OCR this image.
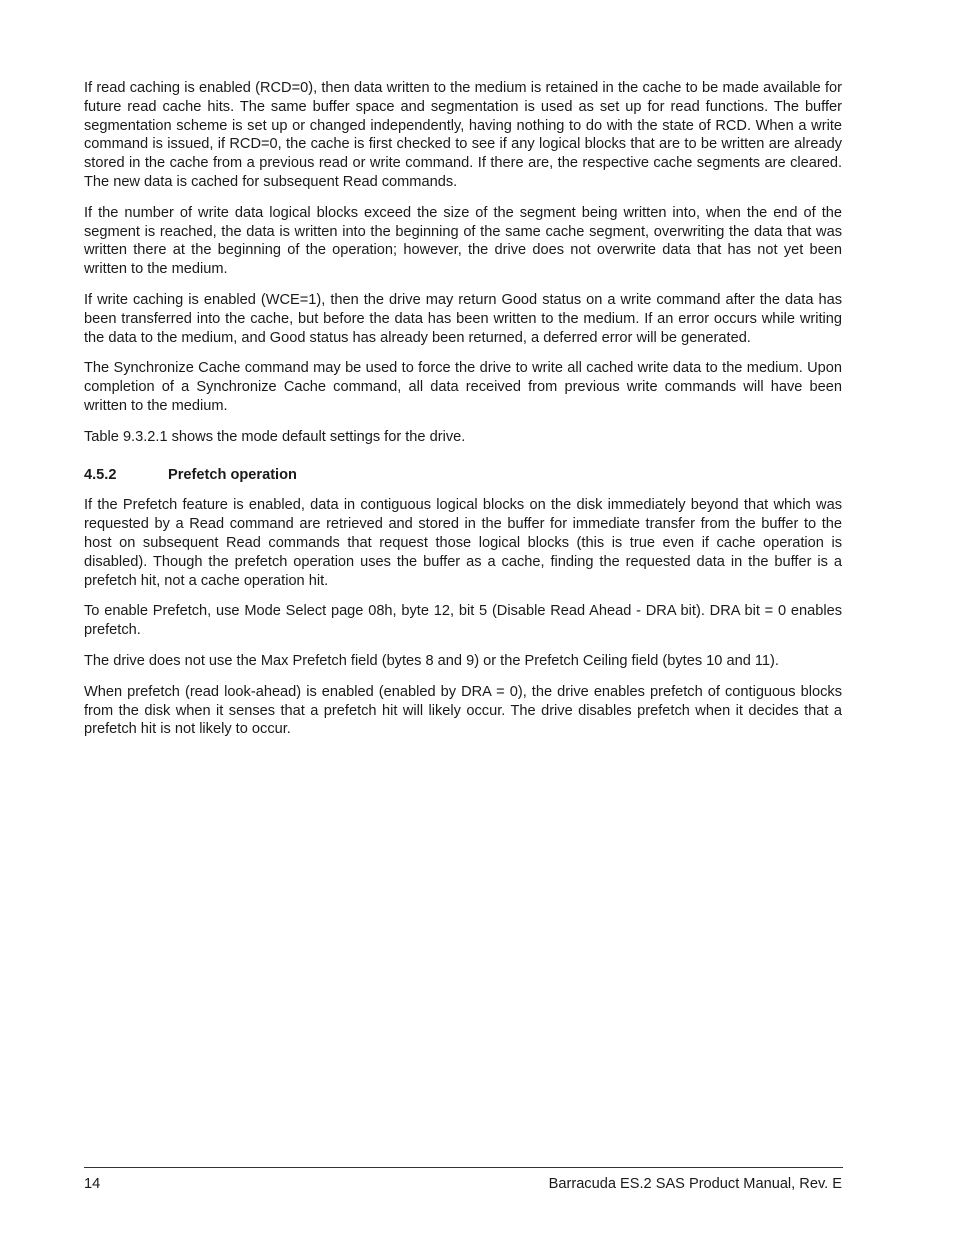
If read caching is enabled (RCD=0), then data written to the medium is retained in the cache to be made available for future read cache hits. The same buffer space and segmentation is used as set up for read functions. The buffer segmentation scheme is set up or changed independently, having nothing to do with the state of RCD. When a write command is issued, if RCD=0, the cache is first checked to see if any logical blocks that are to be written are already stored in the cache from a previous read or write command. If there are, the respective cache segments are cleared. The new data is cached for subsequent Read commands.

If the number of write data logical blocks exceed the size of the segment being written into, when the end of the segment is reached, the data is written into the beginning of the same cache segment, overwriting the data that was written there at the beginning of the operation; however, the drive does not overwrite data that has not yet been written to the medium.

If write caching is enabled (WCE=1), then the drive may return Good status on a write command after the data has been transferred into the cache, but before the data has been written to the medium. If an error occurs while writing the data to the medium, and Good status has already been returned, a deferred error will be generated.

The Synchronize Cache command may be used to force the drive to write all cached write data to the medium. Upon completion of a Synchronize Cache command, all data received from previous write commands will have been written to the medium.

Table 9.3.2.1 shows the mode default settings for the drive.

4.5.2	Prefetch operation

If the Prefetch feature is enabled, data in contiguous logical blocks on the disk immediately beyond that which was requested by a Read command are retrieved and stored in the buffer for immediate transfer from the buffer to the host on subsequent Read commands that request those logical blocks (this is true even if cache operation is disabled). Though the prefetch operation uses the buffer as a cache, finding the requested data in the buffer is a prefetch hit, not a cache operation hit.

To enable Prefetch, use Mode Select page 08h, byte 12, bit 5 (Disable Read Ahead - DRA bit). DRA bit = 0 enables prefetch.

The drive does not use the Max Prefetch field (bytes 8 and 9) or the Prefetch Ceiling field (bytes 10 and 11).

When prefetch (read look-ahead) is enabled (enabled by DRA = 0), the drive enables prefetch of contiguous blocks from the disk when it senses that a prefetch hit will likely occur. The drive disables prefetch when it decides that a prefetch hit is not likely to occur.

14	Barracuda ES.2 SAS Product Manual, Rev. E
